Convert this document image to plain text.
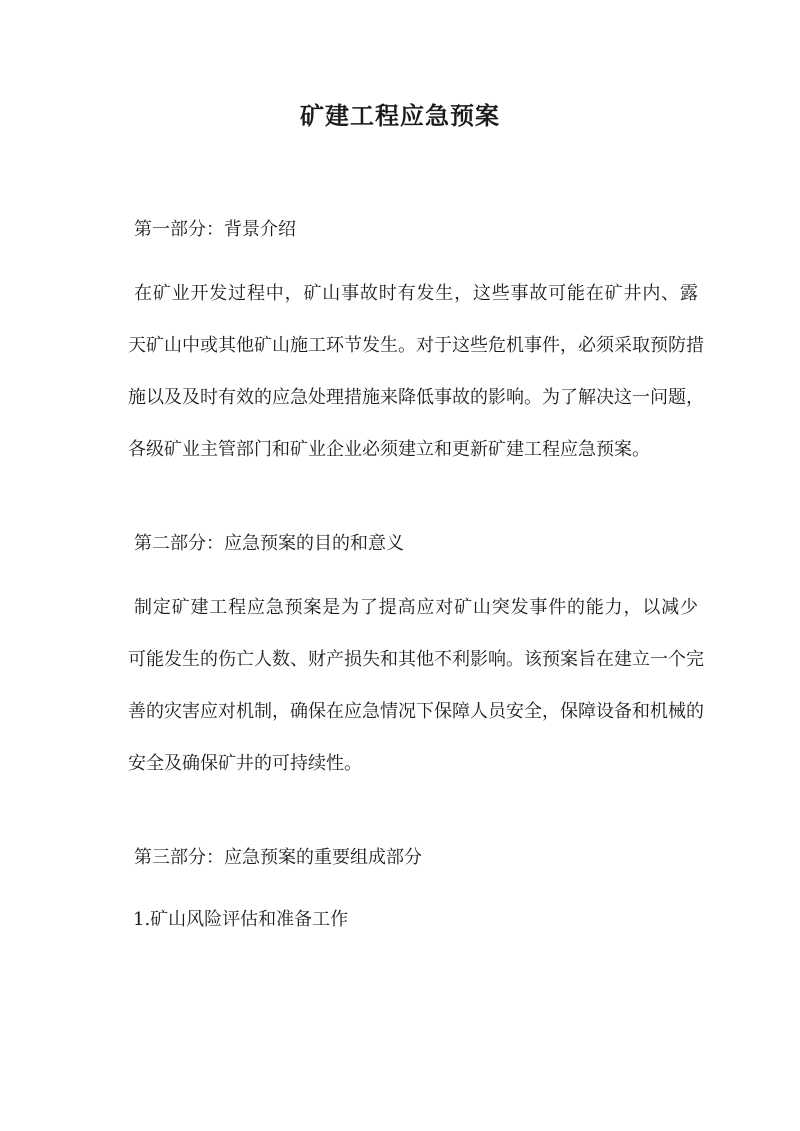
矿建工程应急预案
第一部分：背景介绍
在矿业开发过程中，矿山事故时有发生，这些事故可能在矿井内、露
天矿山中或其他矿山施工环节发生。对于这些危机事件，必须采取预防措
施以及及时有效的应急处理措施来降低事故的影响。为了解决这一问题，
各级矿业主管部门和矿业企业必须建立和更新矿建工程应急预案。
第二部分：应急预案的目的和意义
制定矿建工程应急预案是为了提高应对矿山突发事件的能力，以减少
可能发生的伤亡人数、财产损失和其他不利影响。该预案旨在建立一个完
善的灾害应对机制，确保在应急情况下保障人员安全，保障设备和机械的
安全及确保矿井的可持续性。
第三部分：应急预案的重要组成部分
1.矿山风险评估和准备工作
